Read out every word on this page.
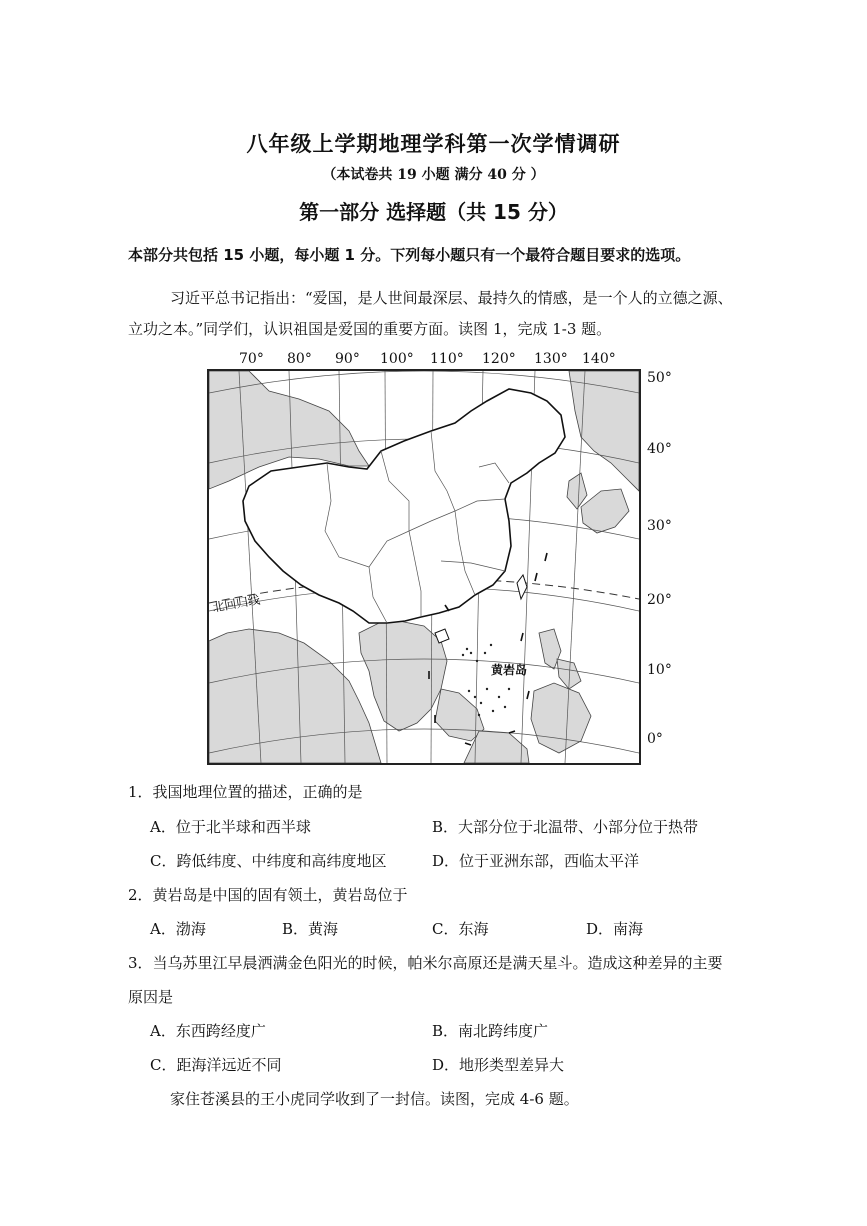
八年级上学期地理学科第一次学情调研
（本试卷共 19 小题 满分 40 分 ）
第一部分 选择题（共 15 分）
本部分共包括 15 小题，每小题 1 分。下列每小题只有一个最符合题目要求的选项。
习近平总书记指出：“爱国，是人世间最深层、最持久的情感，是一个人的立德之源、
立功之本。”同学们，认识祖国是爱国的重要方面。读图 1，完成 1-3 题。
70° 80° 90° 100° 110° 120° 130° 140°
50°
40°
30°
20°
10°
0°
北回归线
黄岩岛
1．我国地理位置的描述，正确的是
A．位于北半球和西半球	B．大部分位于北温带、小部分位于热带
C．跨低纬度、中纬度和高纬度地区	D．位于亚洲东部，西临太平洋
2．黄岩岛是中国的固有领土，黄岩岛位于
A．渤海	B．黄海	C．东海	D．南海
3．当乌苏里江早晨洒满金色阳光的时候，帕米尔高原还是满天星斗。造成这种差异的主要
原因是
A．东西跨经度广	B．南北跨纬度广
C．距海洋远近不同	D．地形类型差异大
家住苍溪县的王小虎同学收到了一封信。读图，完成 4-6 题。
